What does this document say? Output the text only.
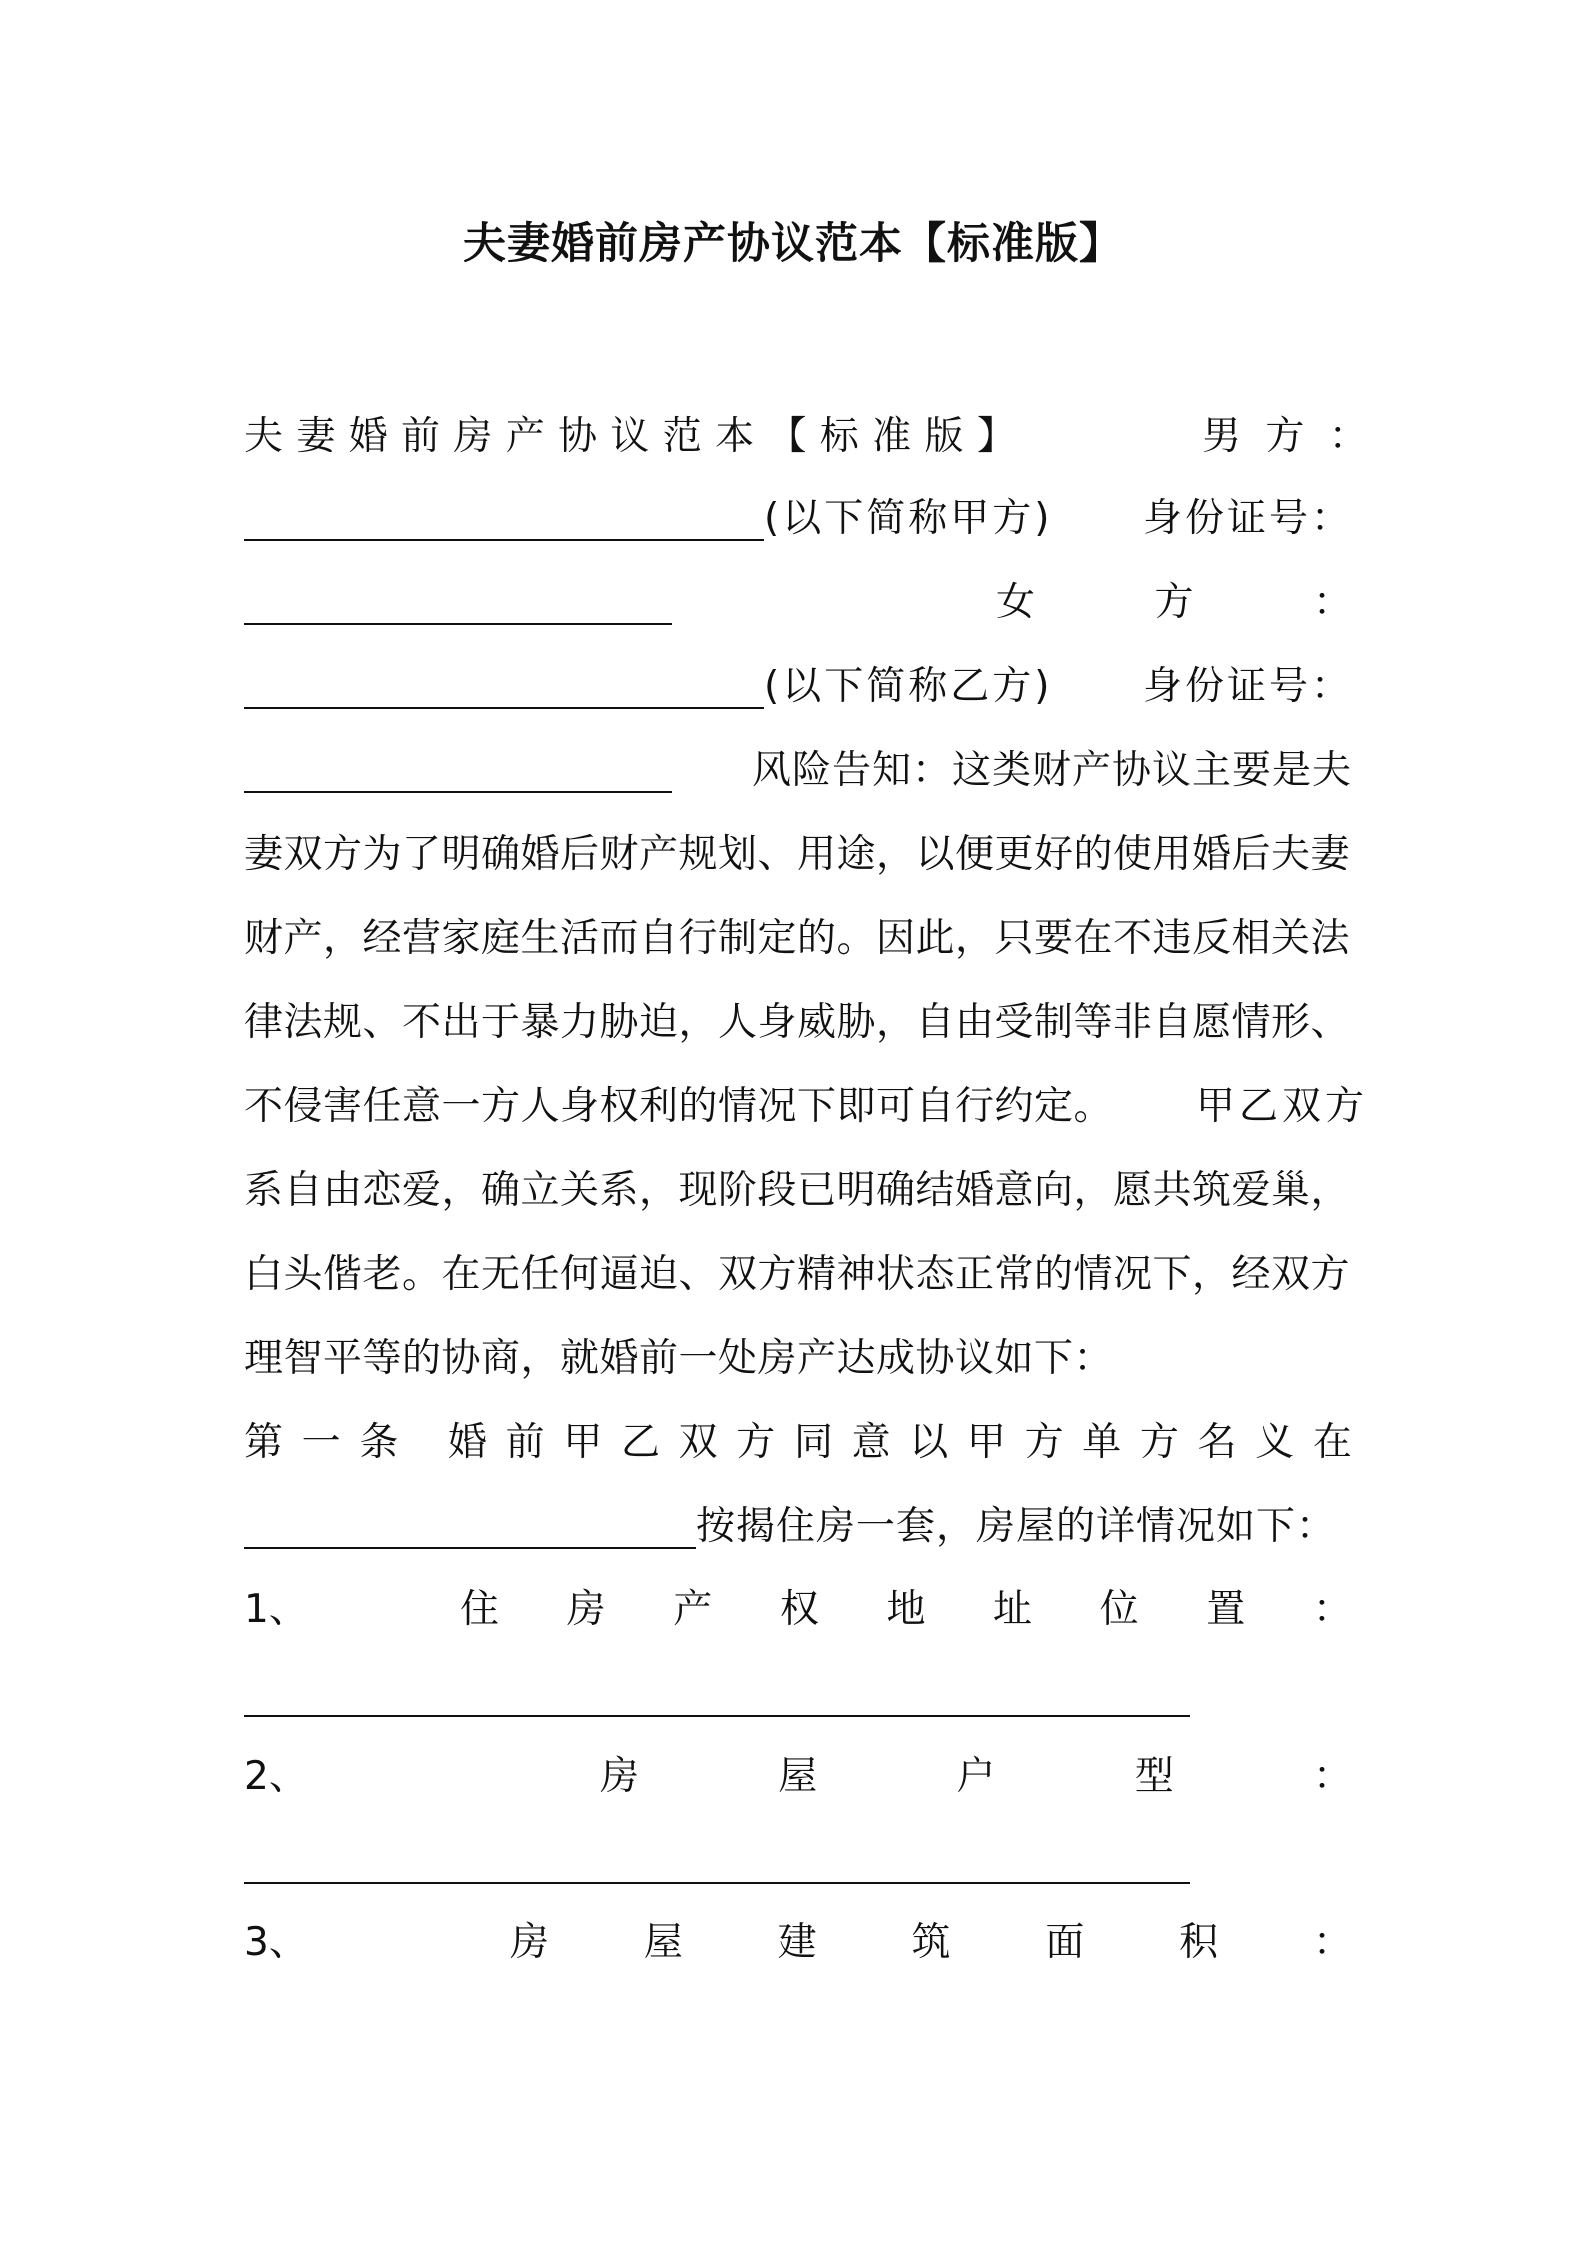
夫妻婚前房产协议范本【标准版】
夫 妻 婚 前 房 产 协 议 范 本 【 标 准 版 】	男 方 ：
(以下简称甲方) 身份证号：
女	方	：
(以下简称乙方) 身份证号：
风险告知：这类财产协议主要是夫
妻双方为了明确婚后财产规划、用途，以便更好的使用婚后夫妻
财产，经营家庭生活而自行制定的。因此，只要在不违反相关法
律法规、不出于暴力胁迫，人身威胁，自由受制等非自愿情形、
不侵害任意一方人身权利的情况下即可自行约定。 甲乙双方
系自由恋爱，确立关系，现阶段已明确结婚意向，愿共筑爱巢，
白头偕老。在无任何逼迫、双方精神状态正常的情况下，经双方
理智平等的协商，就婚前一处房产达成协议如下：
第 一 条
婚 前 甲 乙 双 方 同 意 以 甲 方 单 方 名 义 在
按揭住房一套，房屋的详情况如下：
1、	住 房 产 权 地 址 位 置 ：
2、	房	屋	户	型	：
3、	房 屋 建 筑 面 积 ：
